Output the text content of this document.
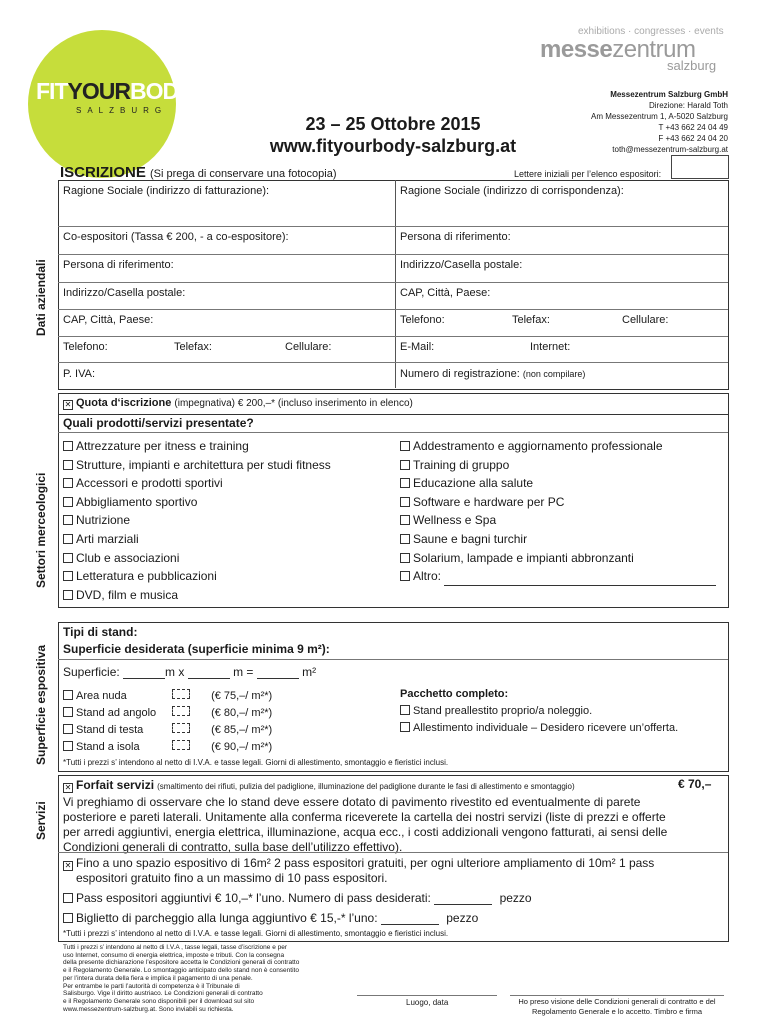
FITYOURBODY
SALZBURG
exhibitions · congresses · events
messezentrum
salzburg
Messezentrum Salzburg GmbH
Direzione: Harald Toth
Am Messezentrum 1, A-5020 Salzburg
T +43 662 24 04 49
F +43 662 24 04 20
toth@messezentrum-salzburg.at
23 – 25 Ottobre 2015
www.fityourbody-salzburg.at
ISCRIZIONE (Si prega di conservare una fotocopia)	Lettere iniziali per l’elenco espositori:
Dati aziendali
Settori merceologici
Superficie espositiva
Servizi
Ragione Sociale (indirizzo di fatturazione):	Ragione Sociale (indirizzo di corrispondenza):
Co-espositori (Tassa € 200, - a co-espositore):	Persona di riferimento:
Persona di riferimento:	Indirizzo/Casella postale:
Indirizzo/Casella postale:	CAP, Città, Paese:
CAP, Città, Paese:	Telefono:	Telefax:	Cellulare:
Telefono:	Telefax:	Cellulare:	E-Mail:	Internet:
P. IVA:	Numero di registrazione: (non compilare)
✕ Quota d‘iscrizione (impegnativa) € 200,–* (incluso inserimento in elenco)
Quali prodotti/servizi presentate?
Attrezzature per itness e training
Strutture, impianti e architettura per studi fitness
Accessori e prodotti sportivi
Abbigliamento sportivo
Nutrizione
Arti marziali
Club e associazioni
Letteratura e pubblicazioni
DVD, film e musica
Addestramento e aggiornamento professionale
Training di gruppo
Educazione alla salute
Software e hardware per PC
Wellness e Spa
Saune e bagni turchir
Solarium, lampade e impianti abbronzanti
Altro:
Tipi di stand:
Superficie desiderata (superficie minima 9 m²):
Superficie:	m x	m =	m²
Area nuda	(€ 75,–/ m²*)
Stand ad angolo	(€ 80,–/ m²*)
Stand di testa	(€ 85,–/ m²*)
Stand a isola	(€ 90,–/ m²*)
Pacchetto completo:
Stand preallestito proprio/a noleggio.
Allestimento individuale – Desidero ricevere un’offerta.
*Tutti i prezzi s’ intendono al netto di I.V.A. e tasse legali. Giorni di allestimento, smontaggio e fieristici inclusi.
✕ Forfait servizi (smaltimento dei rifiuti, pulizia del padiglione, illuminazione del padiglione durante le fasi di allestimento e smontaggio)	€ 70,–
Vi preghiamo di osservare che lo stand deve essere dotato di pavimento rivestito ed eventualmente di parete
posteriore e pareti laterali. Unitamente alla conferma riceverete la cartella dei nostri servizi (liste di prezzi e offerte
per arredi aggiuntivi, energia elettrica, illuminazione, acqua ecc., i costi addizionali vengono fatturati, ai sensi delle
Condizioni generali di contratto, sulla base dell’utilizzo effettivo).
✕ Fino a uno spazio espositivo di 16m² 2 pass espositori gratuiti, per ogni ulteriore ampliamento di 10m² 1 pass
espositori gratuito fino a un massimo di 10 pass espositori.
Pass espositori aggiuntivi € 10,–* l’uno. Numero di pass desiderati:	pezzo
Biglietto di parcheggio alla lunga aggiuntivo € 15,-* l’uno:	pezzo
*Tutti i prezzi s’ intendono al netto di I.V.A. e tasse legali. Giorni di allestimento, smontaggio e fieristici inclusi.
Tutti i prezzi s’ intendono al netto di I.V.A , tasse legali, tasse d’iscrizione e per
uso Internet, consumo di energia elettrica, imposte e tributi. Con la consegna
della presente dichiarazione l’espositore accetta le Condizioni generali di contratto
e il Regolamento Generale. Lo smontaggio anticipato dello stand non è consentito
per l’intera durata della fiera e implica il pagamento di una penale.
Per entrambe le parti l’autorità di competenza è il Tribunale di
Salisburgo. Vige il diritto austriaco. Le Condizioni generali di contratto
e il Regolamento Generale sono disponibili per il download sul sito
www.messezentrum-salzburg.at. Sono inviabili su richiesta.
Luogo, data	Ho preso visione delle Condizioni generali di contratto e del
Regolamento Generale e lo accetto. Timbro e firma
